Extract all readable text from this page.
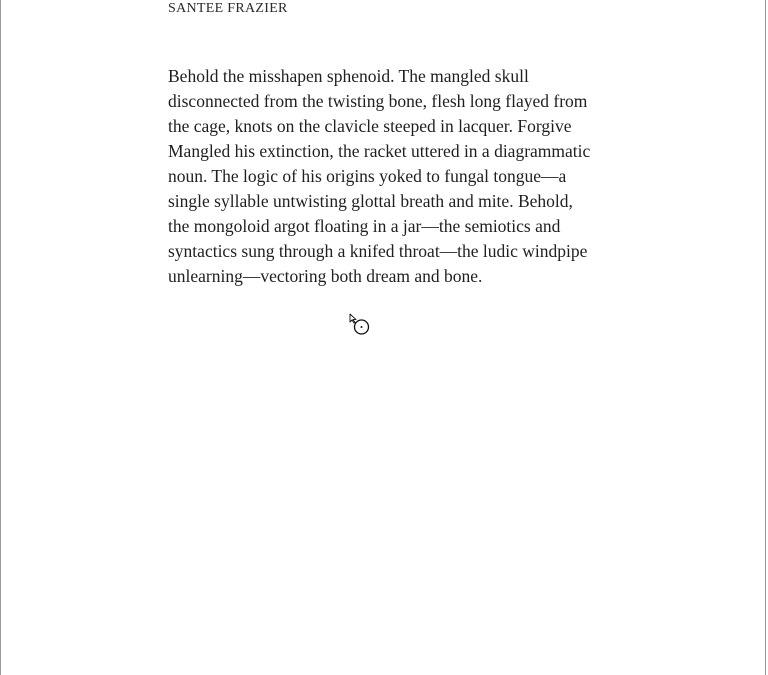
SANTEE FRAZIER
Behold the misshapen sphenoid. The mangled skull
disconnected from the twisting bone, flesh long flayed from
the cage, knots on the clavicle steeped in lacquer. Forgive
Mangled his extinction, the racket uttered in a diagrammatic
noun. The logic of his origins yoked to fungal tongue—a
single syllable untwisting glottal breath and mite. Behold,
the mongoloid argot floating in a jar—the semiotics and
syntactics sung through a knifed throat—the ludic windpipe
unlearning—vectoring both dream and bone.
